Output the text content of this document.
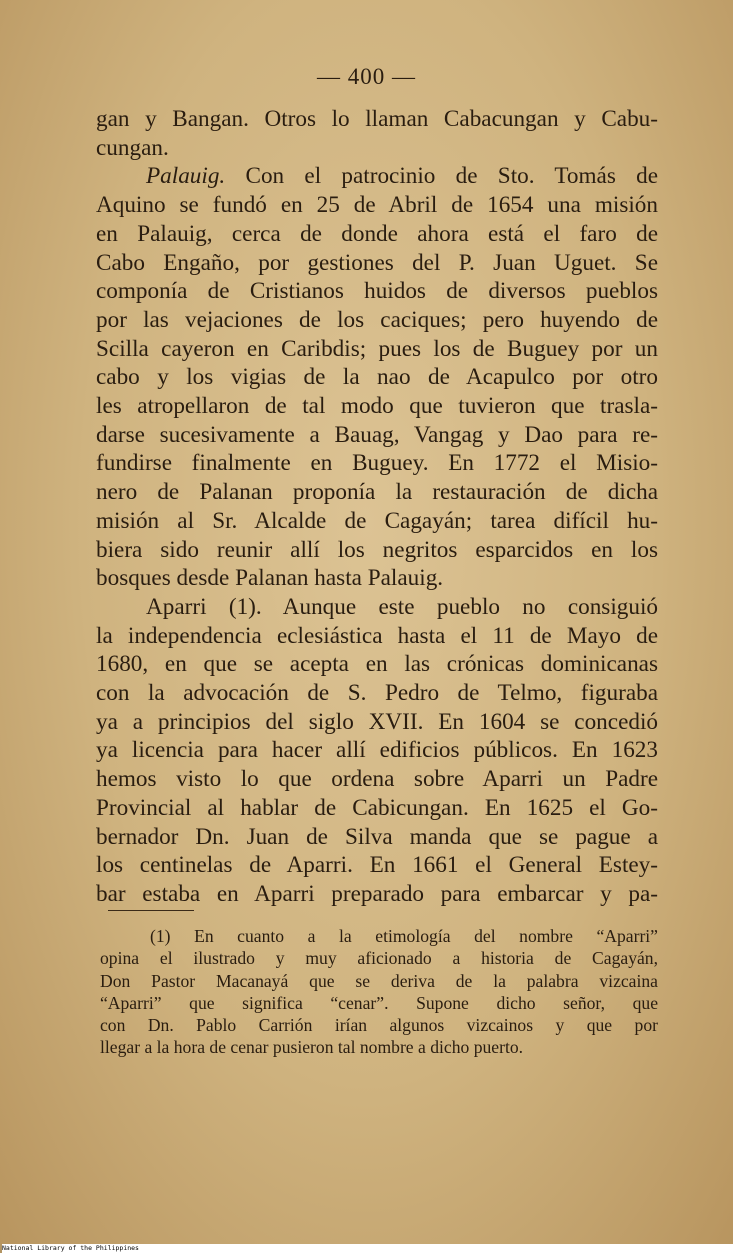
— 400 —

gan y Bangan. Otros lo llaman Cabacungan y Cabu-

cungan.

Palauig. Con el patrocinio de Sto. Tomás de

Aquino se fundó en 25 de Abril de 1654 una misión

en Palauig, cerca de donde ahora está el faro de

Cabo Engaño, por gestiones del P. Juan Uguet. Se

componía de Cristianos huidos de diversos pueblos

por las vejaciones de los caciques; pero huyendo de

Scilla cayeron en Caribdis; pues los de Buguey por un

cabo y los vigias de la nao de Acapulco por otro

les atropellaron de tal modo que tuvieron que trasla-

darse sucesivamente a Bauag, Vangag y Dao para re-

fundirse finalmente en Buguey. En 1772 el Misio-

nero de Palanan proponía la restauración de dicha

misión al Sr. Alcalde de Cagayán; tarea difícil hu-

biera sido reunir allí los negritos esparcidos en los

bosques desde Palanan hasta Palauig.

Aparri (1). Aunque este pueblo no consiguió

la independencia eclesiástica hasta el 11 de Mayo de

1680, en que se acepta en las crónicas dominicanas

con la advocación de S. Pedro de Telmo, figuraba

ya a principios del siglo XVII. En 1604 se concedió

ya licencia para hacer allí edificios públicos. En 1623

hemos visto lo que ordena sobre Aparri un Padre

Provincial al hablar de Cabicungan. En 1625 el Go-

bernador Dn. Juan de Silva manda que se pague a

los centinelas de Aparri. En 1661 el General Estey-

bar estaba en Aparri preparado para embarcar y pa-

(1) En cuanto a la etimología del nombre “Aparri”

opina el ilustrado y muy aficionado a historia de Cagayán,

Don Pastor Macanayá que se deriva de la palabra vizcaina

“Aparri” que significa “cenar”. Supone dicho señor, que

con Dn. Pablo Carrión irían algunos vizcainos y que por

llegar a la hora de cenar pusieron tal nombre a dicho puerto.

National Library of the Philippines
